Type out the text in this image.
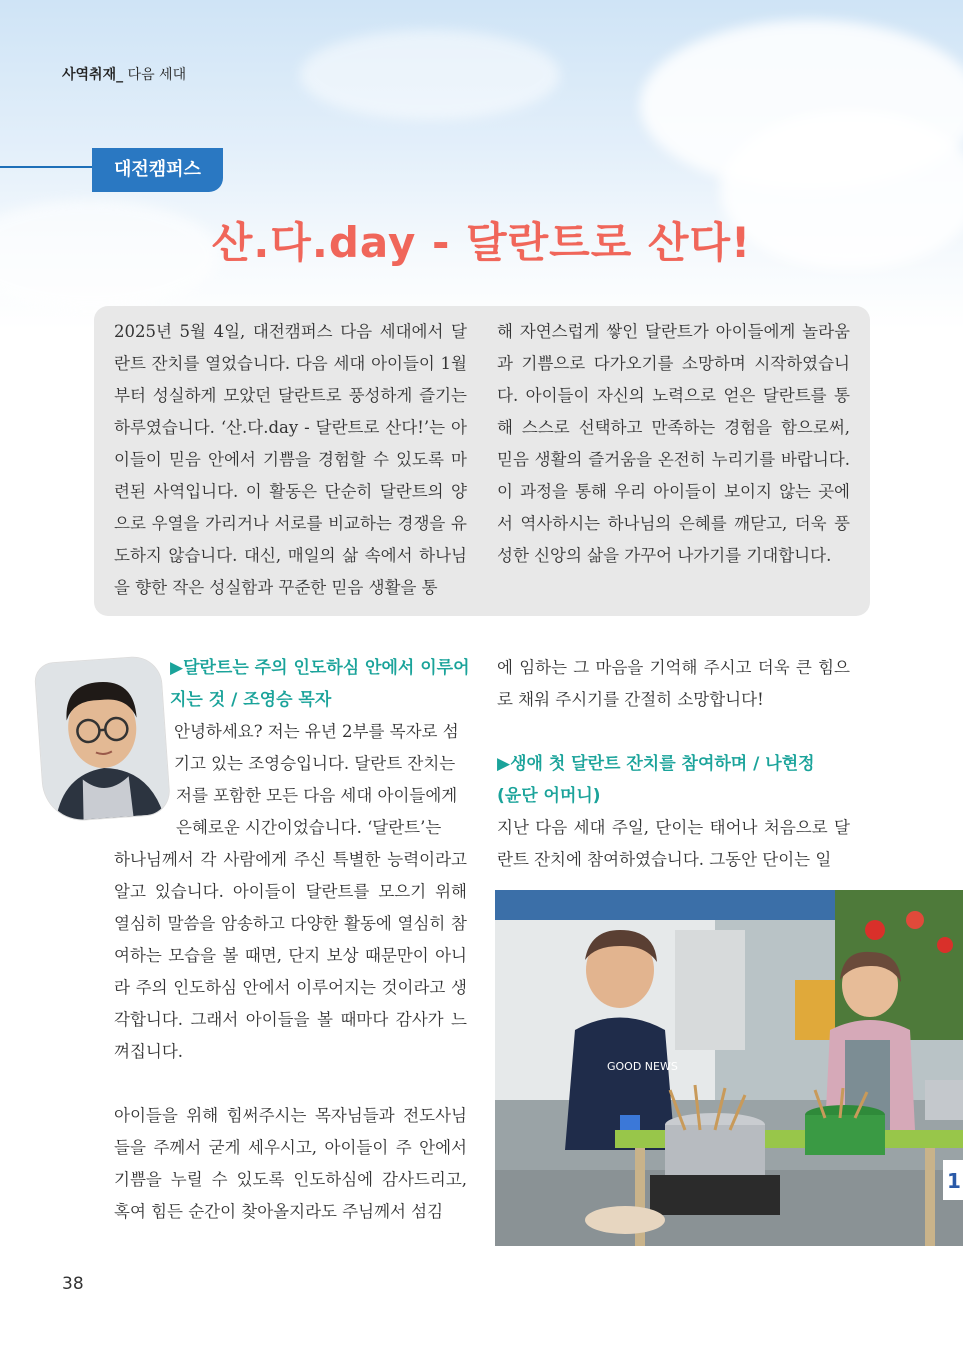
사역취재_ 다음 세대
대전캠퍼스
산.다.day - 달란트로 산다!
2025년 5월 4일, 대전캠퍼스 다음 세대에서 달란트 잔치를 열었습니다. 다음 세대 아이들이 1월부터 성실하게 모았던 달란트로 풍성하게 즐기는 하루였습니다. ‘산.다.day - 달란트로 산다!’는 아이들이 믿음 안에서 기쁨을 경험할 수 있도록 마련된 사역입니다. 이 활동은 단순히 달란트의 양으로 우열을 가리거나 서로를 비교하는 경쟁을 유도하지 않습니다. 대신, 매일의 삶 속에서 하나님을 향한 작은 성실함과 꾸준한 믿음 생활을 통
해 자연스럽게 쌓인 달란트가 아이들에게 놀라움과 기쁨으로 다가오기를 소망하며 시작하였습니다. 아이들이 자신의 노력으로 얻은 달란트를 통해 스스로 선택하고 만족하는 경험을 함으로써, 믿음 생활의 즐거움을 온전히 누리기를 바랍니다. 이 과정을 통해 우리 아이들이 보이지 않는 곳에서 역사하시는 하나님의 은혜를 깨닫고, 더욱 풍성한 신앙의 삶을 가꾸어 나가기를 기대합니다.
▶달란트는 주의 인도하심 안에서 이루어
지는 것 / 조영승 목자
안녕하세요? 저는 유년 2부를 목자로 섬
기고 있는 조영승입니다. 달란트 잔치는
저를 포함한 모든 다음 세대 아이들에게
은혜로운 시간이었습니다. ‘달란트’는
하나님께서 각 사람에게 주신 특별한 능력이라고 알고 있습니다. 아이들이 달란트를 모으기 위해 열심히 말씀을 암송하고 다양한 활동에 열심히 참여하는 모습을 볼 때면, 단지 보상 때문만이 아니라 주의 인도하심 안에서 이루어지는 것이라고 생각합니다. 그래서 아이들을 볼 때마다 감사가 느껴집니다.
아이들을 위해 힘써주시는 목자님들과 전도사님들을 주께서 굳게 세우시고, 아이들이 주 안에서 기쁨을 누릴 수 있도록 인도하심에 감사드리고, 혹여 힘든 순간이 찾아올지라도 주님께서 섬김
에 임하는 그 마음을 기억해 주시고 더욱 큰 힘으로 채워 주시기를 간절히 소망합니다!
▶생애 첫 달란트 잔치를 참여하며 / 나현정
(윤단 어머니)
지난 다음 세대 주일, 단이는 태어나 처음으로 달란트 잔치에 참여하였습니다. 그동안 단이는 일
GOOD NEWS
1
38
